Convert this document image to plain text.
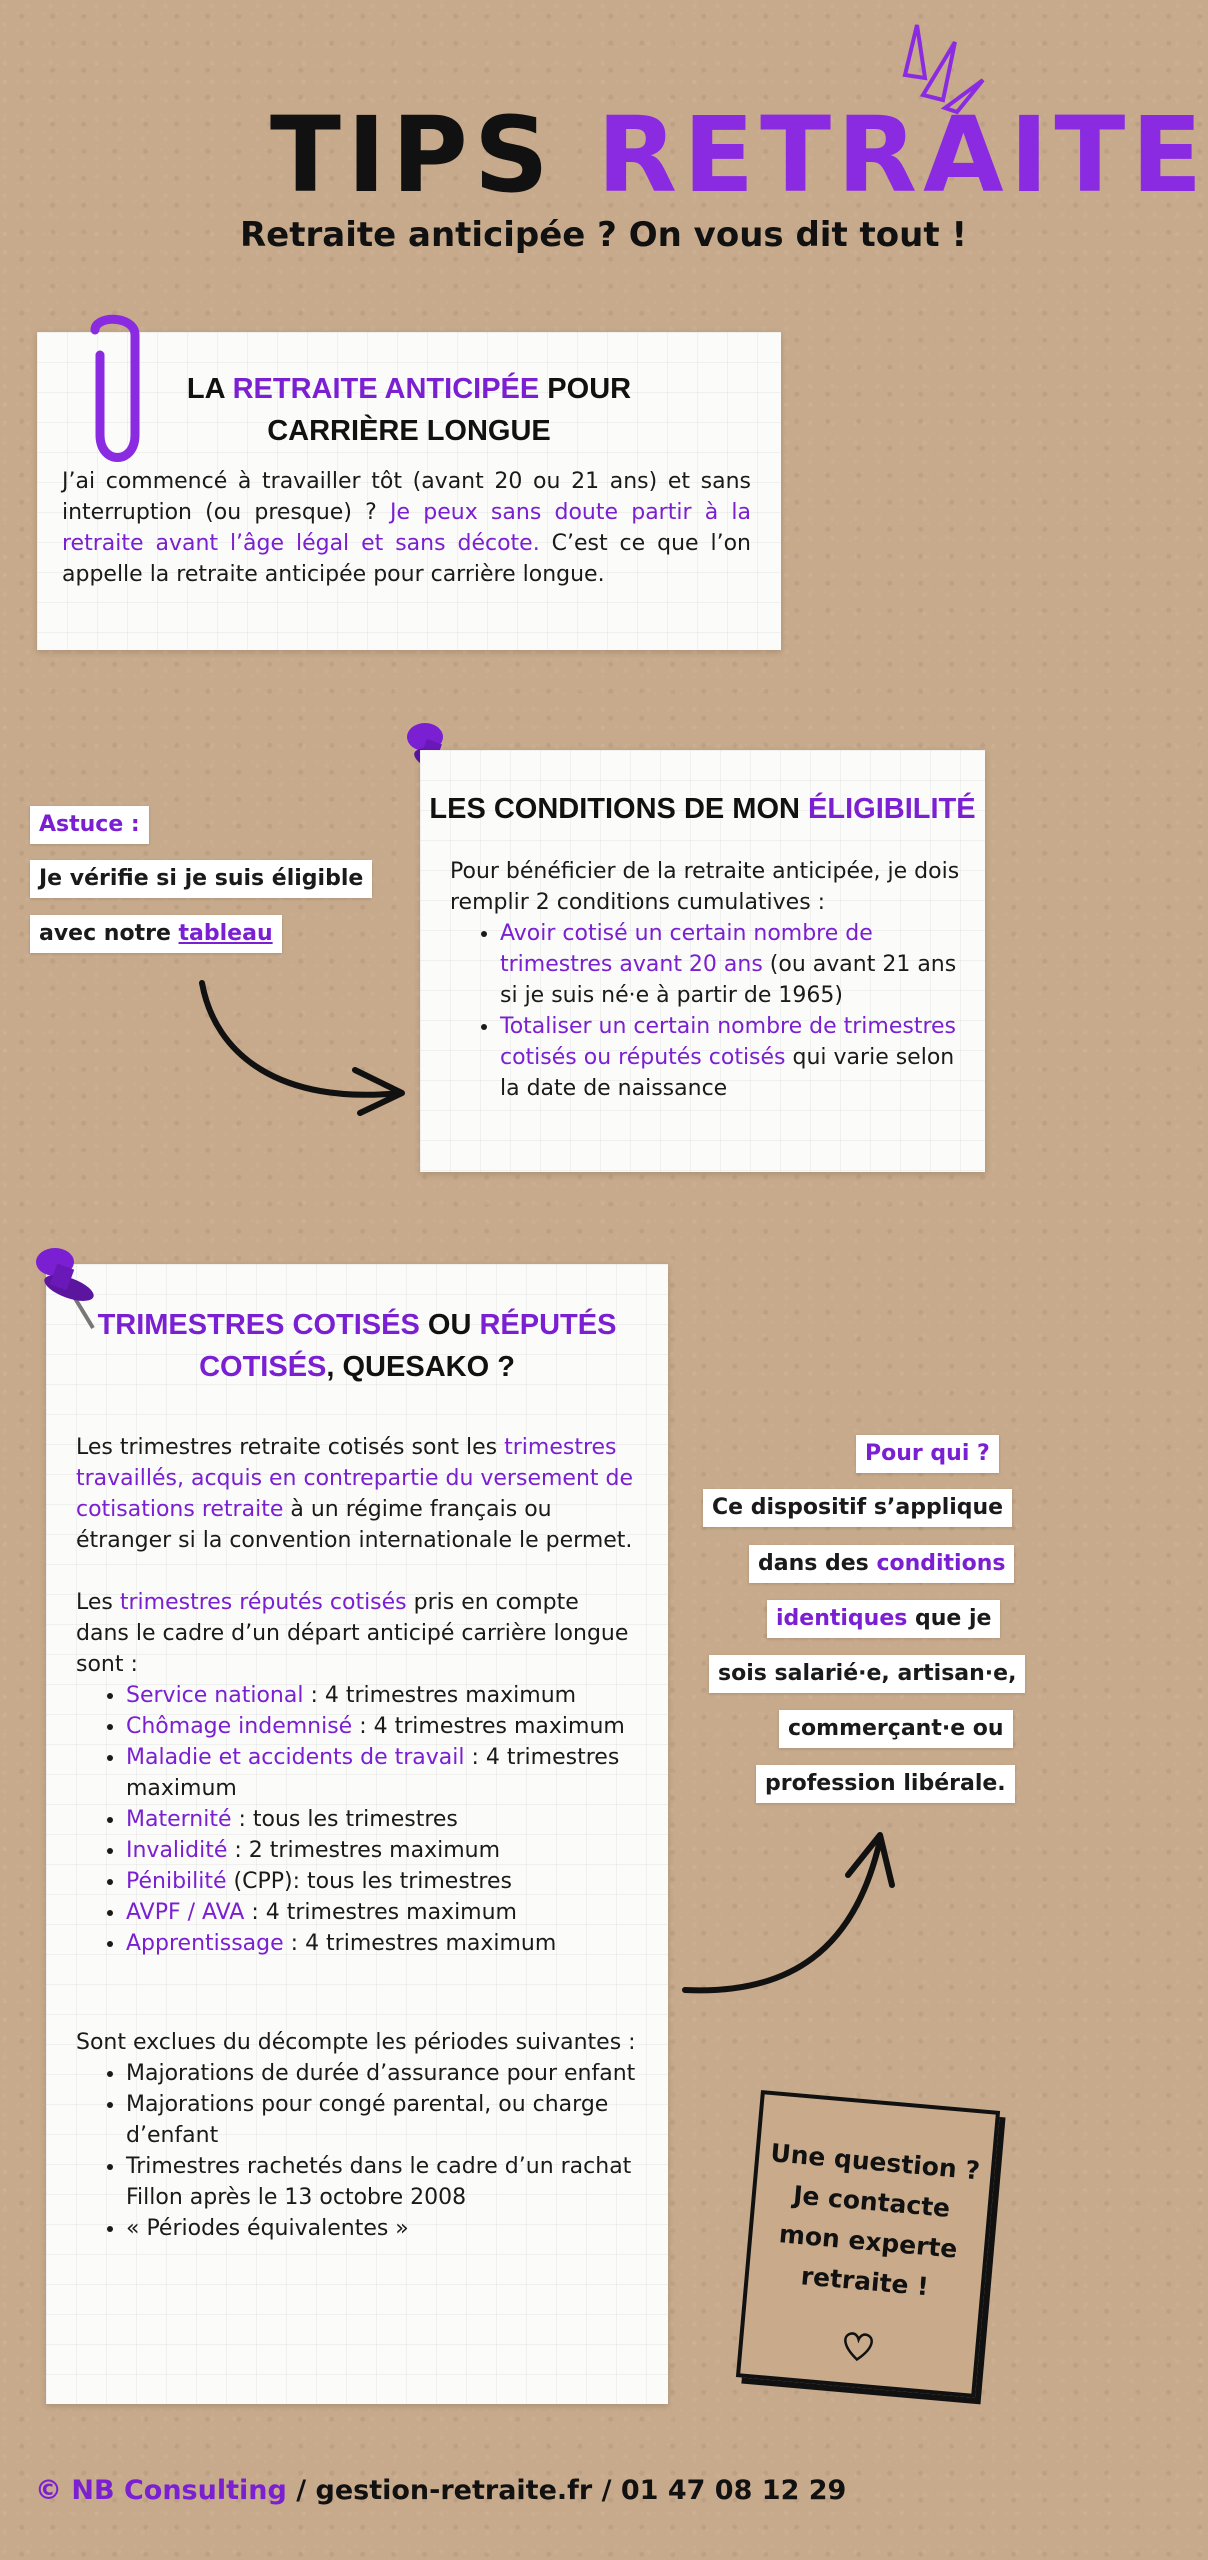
TIPS RETRAITE
Retraite anticipée ? On vous dit tout !
LA RETRAITE ANTICIPÉE POUR
CARRIÈRE LONGUE
J’ai commencé à travailler tôt (avant 20 ou 21 ans) et sans interruption (ou presque) ? Je peux sans doute partir à la retraite avant l’âge légal et sans décote. C’est ce que l’on appelle la retraite anticipée pour carrière longue.
Astuce :
Je vérifie si je suis éligible
avec notre tableau
LES CONDITIONS DE MON ÉLIGIBILITÉ
Pour bénéficier de la retraite anticipée, je dois remplir 2 conditions cumulatives :
• Avoir cotisé un certain nombre de trimestres avant 20 ans (ou avant 21 ans si je suis né·e à partir de 1965)
• Totaliser un certain nombre de trimestres cotisés ou réputés cotisés qui varie selon la date de naissance
TRIMESTRES COTISÉS OU RÉPUTÉS
COTISÉS, QUESAKO ?
Les trimestres retraite cotisés sont les trimestres travaillés, acquis en contrepartie du versement de cotisations retraite à un régime français ou étranger si la convention internationale le permet.
Les trimestres réputés cotisés pris en compte dans le cadre d’un départ anticipé carrière longue sont :
• Service national : 4 trimestres maximum
• Chômage indemnisé : 4 trimestres maximum
• Maladie et accidents de travail : 4 trimestres maximum
• Maternité : tous les trimestres
• Invalidité : 2 trimestres maximum
• Pénibilité (CPP): tous les trimestres
• AVPF / AVA : 4 trimestres maximum
• Apprentissage : 4 trimestres maximum
Sont exclues du décompte les périodes suivantes :
• Majorations de durée d’assurance pour enfant
• Majorations pour congé parental, ou charge d’enfant
• Trimestres rachetés dans le cadre d’un rachat Fillon après le 13 octobre 2008
• « Périodes équivalentes »
Pour qui ?
Ce dispositif s’applique
dans des conditions
identiques que je
sois salarié·e, artisan·e,
commerçant·e ou
profession libérale.
Une question ?
Je contacte
mon experte
retraite !
© NB Consulting / gestion-retraite.fr / 01 47 08 12 29
